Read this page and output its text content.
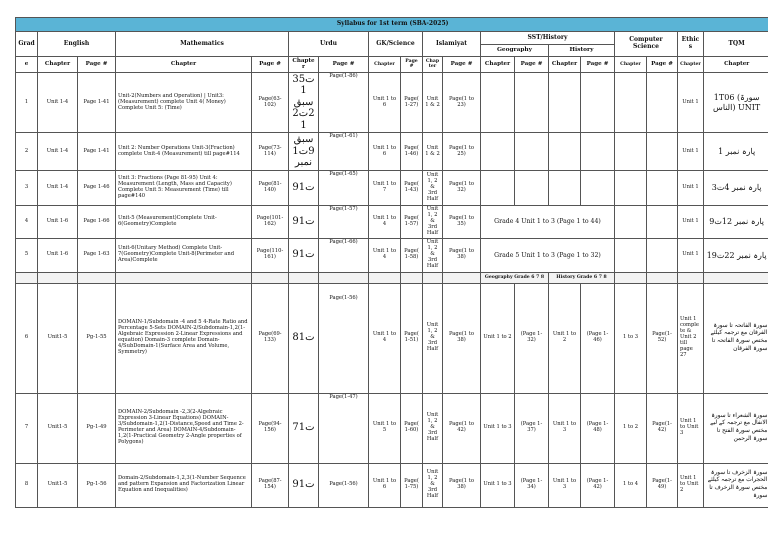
Syllabus for 1st term (SBA-2025)																		
Grad	English		Mathematics		Urdu		GK/Science		Islamiyat		SST/History				Computer Science		Ethics	TQM
											Geography		History					
e	Chapter	Page #	Chapter	Page #	Chapter	Page #	Chapter	Page #	Chapter	Page #	Chapter	Page #	Chapter	Page #	Chapter	Page #	Chapter	Chapter
1	Unit 1-4	Page 1-41	Unit-2(Numbers and Operation) | Unit3:(Measurement) complete Unit 4( Money) Complete Unit 5: (Time)	Page(63-102)	35ت1 سبق 2ت21	Page(1-86)	Unit 1 to 6	Page(1-27)	Unit 1 & 2	Page(1 to 23)							Unit 1	1T06 (سورۃ الناس) UNIT
2	Unit 1-4	Page 1-41	Unit 2: Number Operations Unit-3(Fraction) complete Unit-4 (Measurement) till page#114	Page(73-114)	سبق 9ت1 نمبر	Page(1-61)	Unit 1 to 6	Page(1-46)	Unit 1 & 2	Page(1 to 25)							Unit 1	پارہ نمبر 1
3	Unit 1-4	Page 1-46	Unit 3: Fractions (Page 81-95) Unit 4: Measurement (Length, Mass and Capacity) Complete Unit 5: Measurement (Time) till page#140	Page(81-140)	9ت1	Page(1-65)	Unit 1 to 7	Page(1-43)	Unit 1, 2 & 3rd Half	Page(1 to 32)							Unit 1	پارہ نمبر 4ت3
4	Unit 1-6	Page 1-66	Unit-5 (Measurement)Complete Unit-6(Geometry)Complete	Page(101-162)	9ت1	Page(1-57)	Unit 1 to 4	Page(1-57)	Unit 1, 2 & 3rd Half	Page(1 to 35)	Grade 4 Unit 1 to 3 (Page 1 to 44)						Unit 1	پارہ نمبر 12ت9
5	Unit 1-6	Page 1-63	Unit-6(Unitary Method) Complete Unit-7(Geometry)Complete Unit-8(Perimeter and Area)Complete	Page(110-161)	9ت1	Page(1-66)	Unit 1 to 4	Page(1-58)	Unit 1, 2 & 3rd Half	Page(1 to 38)	Grade 5 Unit 1 to 3 (Page 1 to 32)						Unit 1	پارہ نمبر 22ت19
											Geography Grade 6 7 8		History Grade 6 7 8					
6	Unit1-5	Pg-1-55	DOMAIN-1/Subdomain -4 and 5 4-Rate Ratio and Percentage 5-Sets DOMAIN-2/Subdomain-1,2(1-Algebraic Expression 2-Linear Expressions and equation) Domain-3 complete Domain-4/SubDomain-1(Surface Area and Volume, Symmetry)	Page(69-133)	8ت1	Page(1-56)	Unit 1 to 4	Page(1-51)	Unit 1, 2 & 3rd Half	Page(1 to 38)	Unit 1 to 2	(Page 1-32)	Unit 1 to 2	(Page 1-46)	1 to 3	Page(1-52)	Unit 1 complete & Unit 2 till page 27	سورۃ الفاتحہ تا سورۃ الفرقان مع ترجمہ کیلئے مختص سورۃ الفاتحہ تا سورۃ الفرقان
7	Unit1-5	Pg-1-49	DOMAIN-2/Subdomain -2,3(2-Algebraic Expression 3-Linear Equations) DOMAIN-3/Subdomain-1,2(1-Distance,Speed and Time 2-Perimeter and Area) DOMAIN-4/Subdomain-1,2(1-Practical Geometry 2-Angle properties of Polygons)	Page(94-156)	7ت1	Page(1-47)	Unit 1 to 5	Page(1-60)	Unit 1, 2 & 3rd Half	Page(1 to 42)	Unit 1 to 3	(Page 1-37)	Unit 1 to 3	(Page 1-48)	1 to 2	Page(1-42)	Unit 1 to Unit 3	سورۃ الشعراء تا سورۃ الانفال مع ترجمہ کے لیے مختص سورۃ الفتح تا سورۃ الرحمن
8	Unit1-5	Pg-1-56	Domain-2/Subdomain-1,2,3(1-Number Sequence and pattern Expansion and Factorization Linear Equation and Inequalities)	Page(87-154)	9ت1	Page(1-56)	Unit 1 to 6	Page(1-75)	Unit 1, 2 & 3rd Half	Page(1 to 38)	Unit 1 to 3	(Page 1-34)	Unit 1 to 3	(Page 1-42)	1 to 4	Page(1-49)	Unit 1 to Unit 2	سورۃ الزخرف تا سورۃ الحجرات مع ترجمہ کیلئے مختص سورۃ الزخرف تا سورۃ
